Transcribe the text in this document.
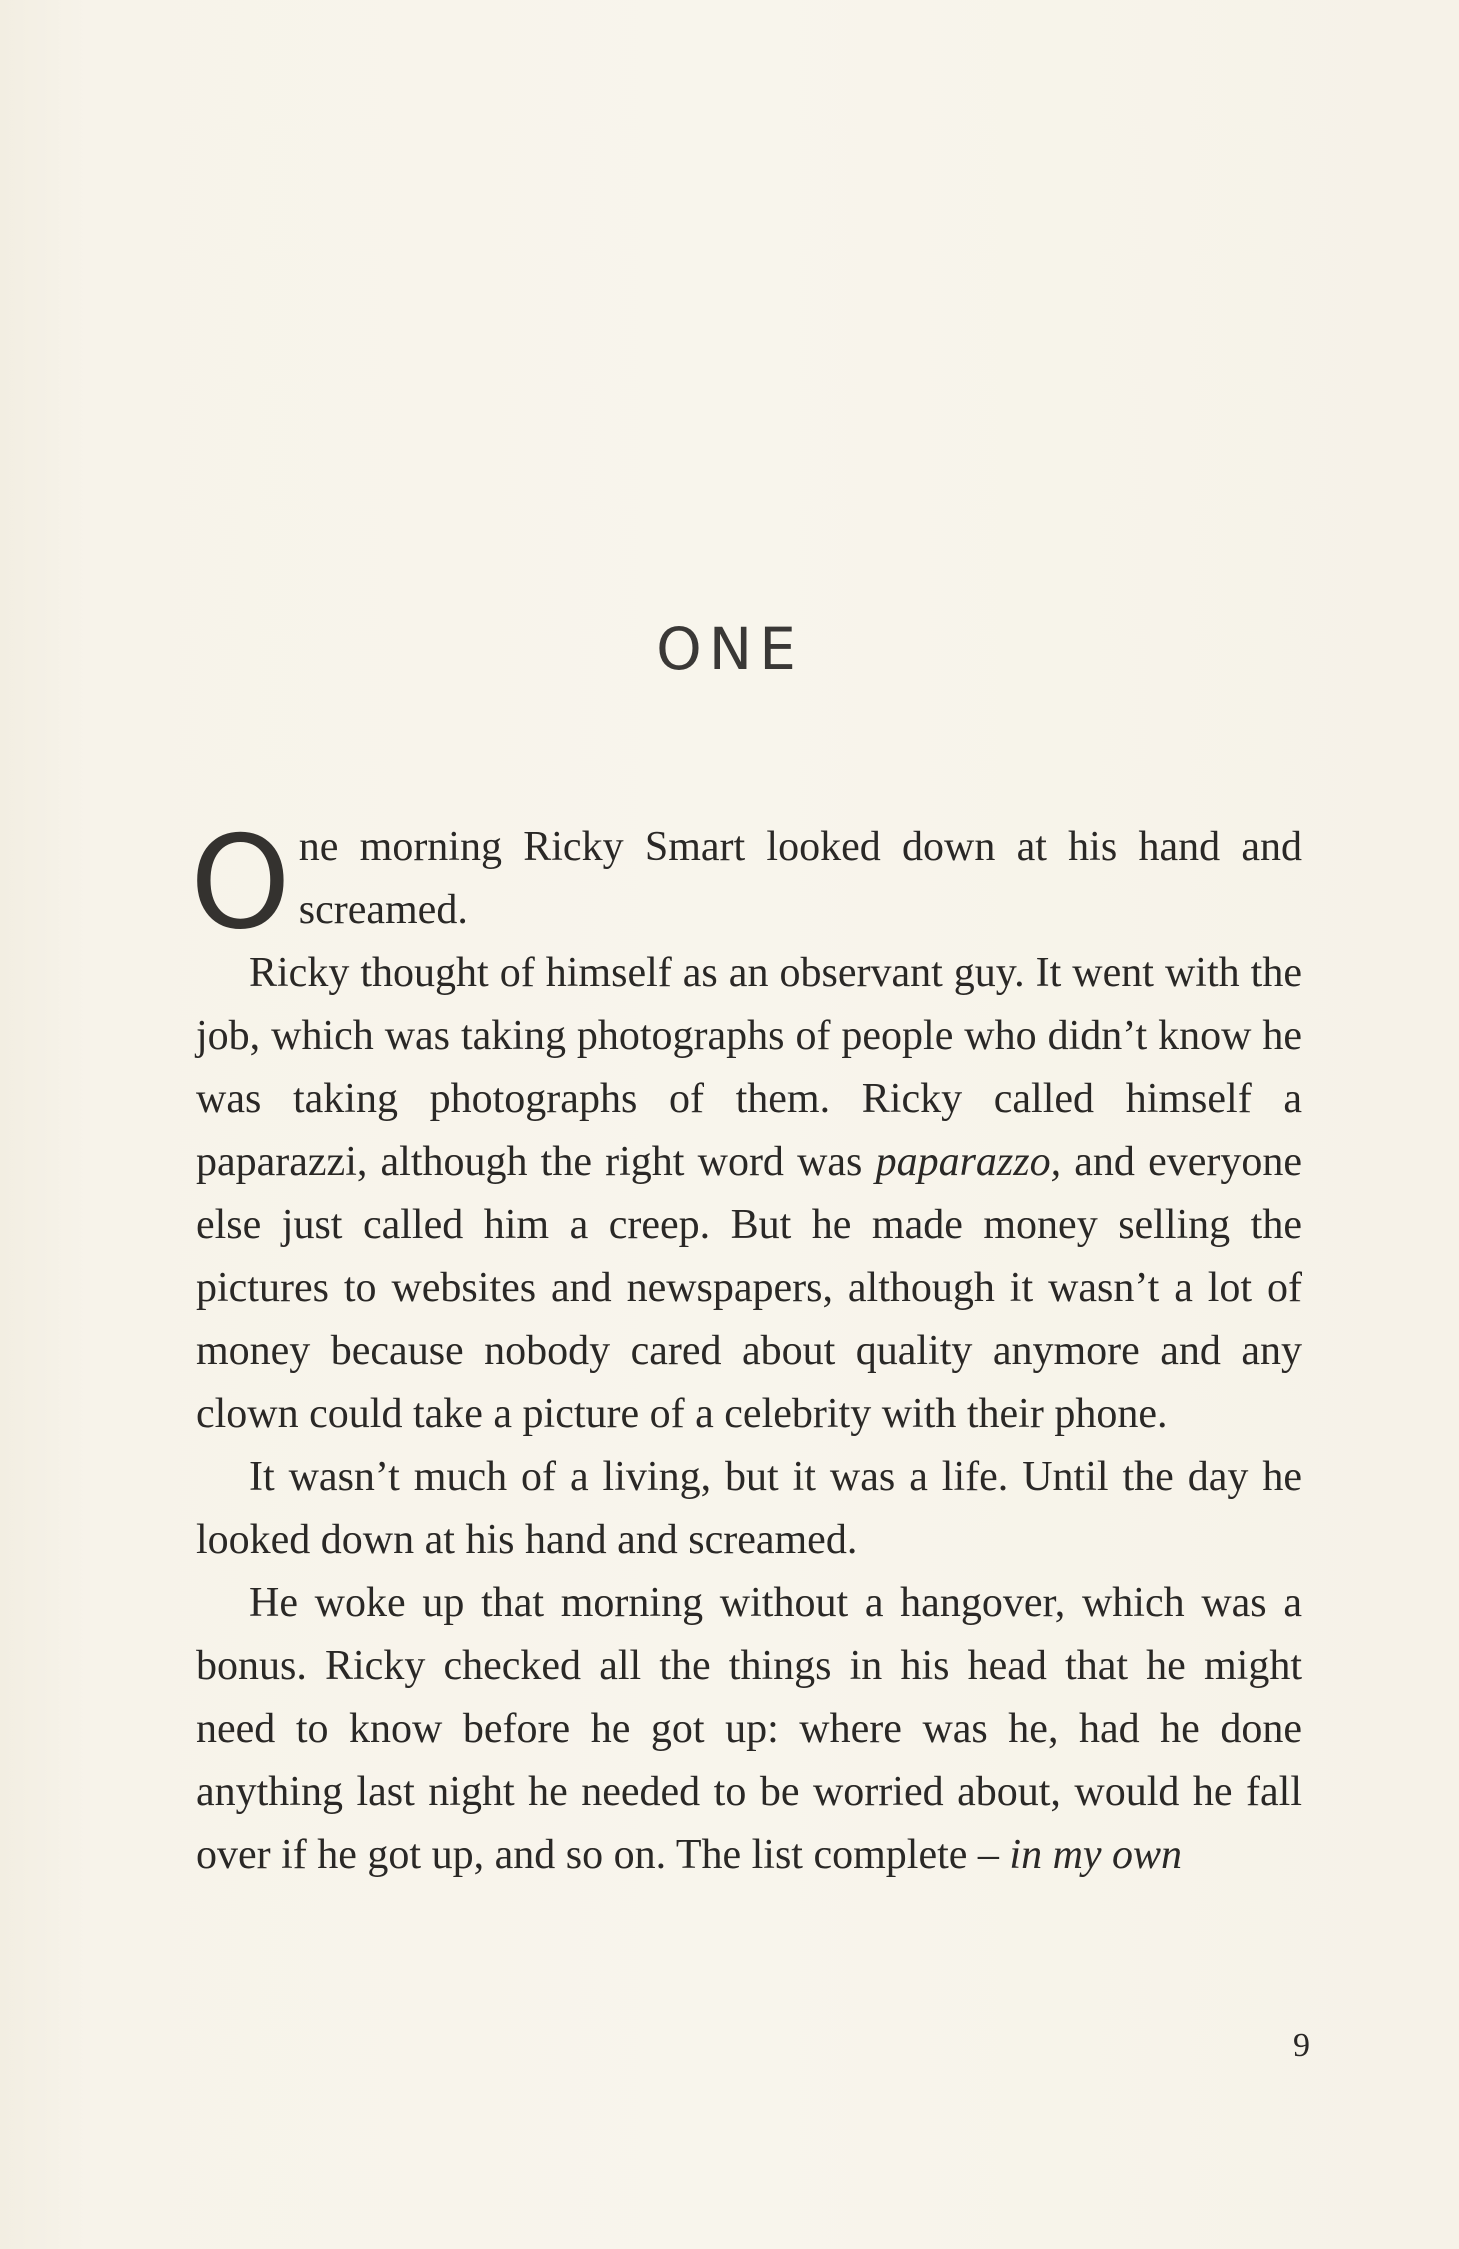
ONE

One morning Ricky Smart looked down at his hand and screamed.

Ricky thought of himself as an observant guy. It went with the job, which was taking photographs of people who didn’t know he was taking photographs of them. Ricky called himself a paparazzi, although the right word was paparazzo, and everyone else just called him a creep. But he made money selling the pictures to websites and newspapers, although it wasn’t a lot of money because nobody cared about quality anymore and any clown could take a picture of a celebrity with their phone.

It wasn’t much of a living, but it was a life. Until the day he looked down at his hand and screamed.

He woke up that morning without a hangover, which was a bonus. Ricky checked all the things in his head that he might need to know before he got up: where was he, had he done anything last night he needed to be worried about, would he fall over if he got up, and so on. The list complete – in my own

9
